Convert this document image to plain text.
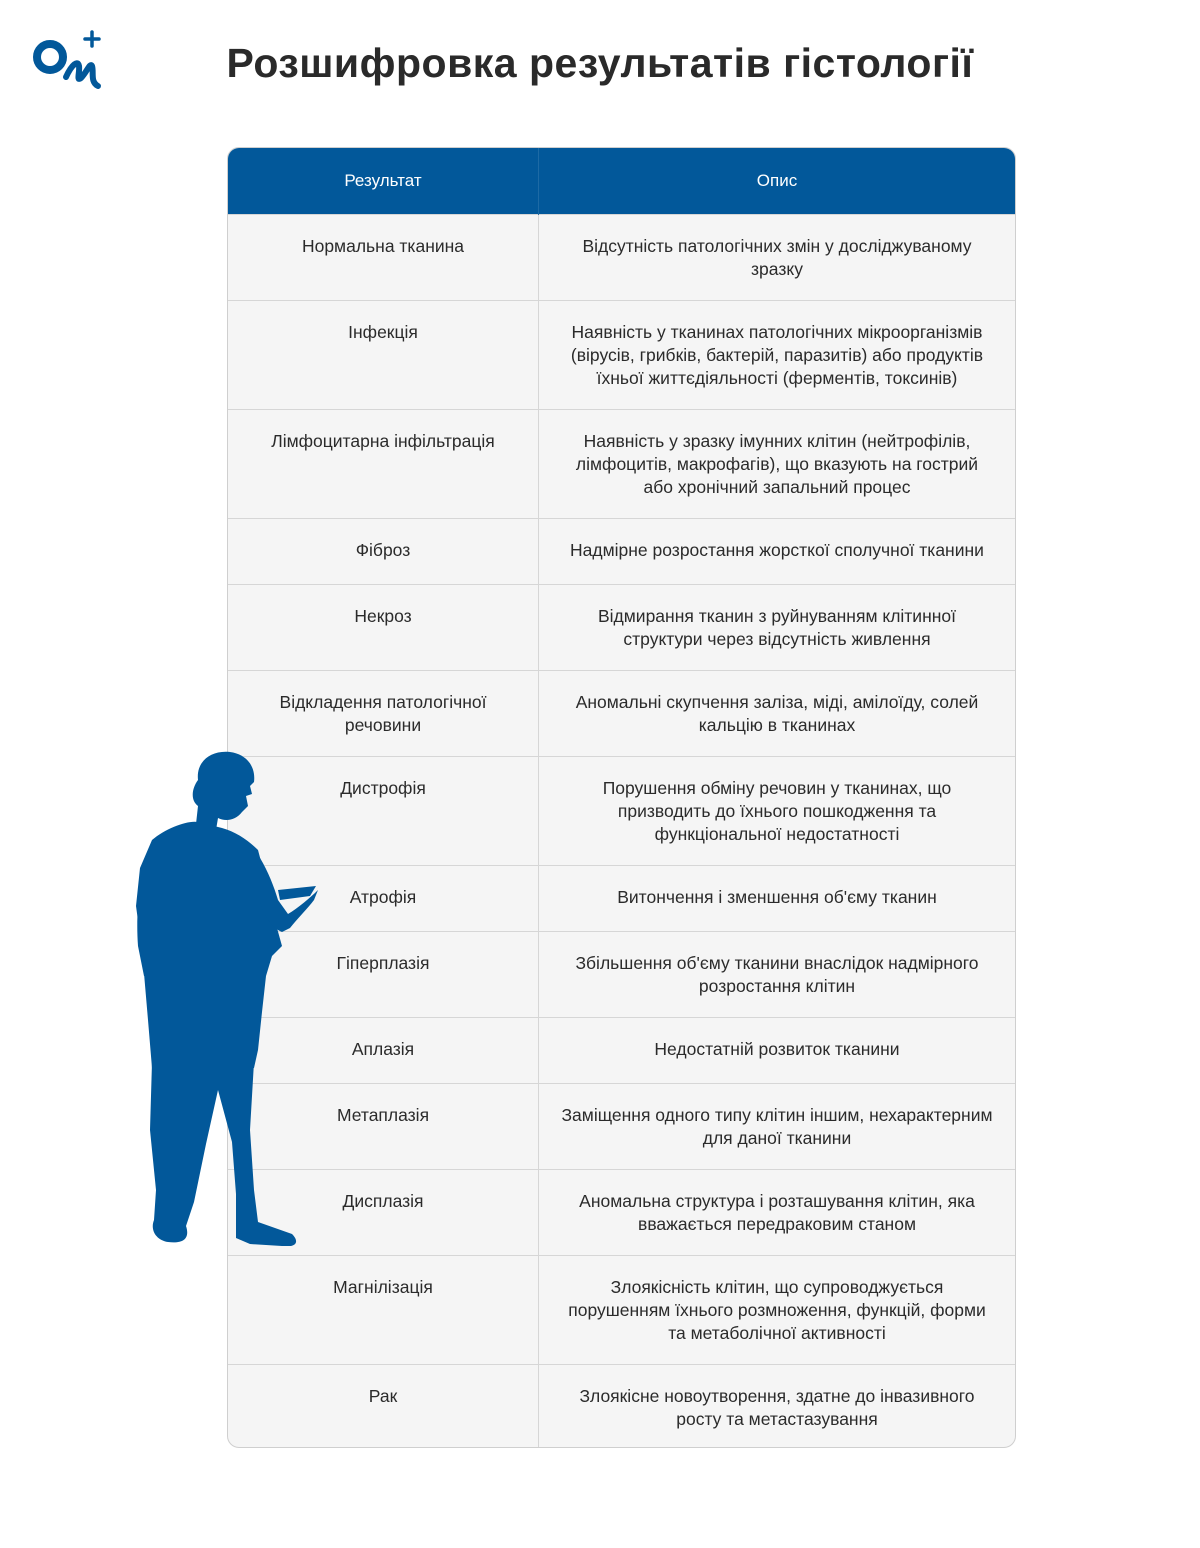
Розшифровка результатів гістології
Результат	Опис
Нормальна тканина	Відсутність патологічних змін у досліджуваному зразку
Інфекція	Наявність у тканинах патологічних мікроорганізмів (вірусів, грибків, бактерій, паразитів) або продуктів їхньої життєдіяльності (ферментів, токсинів)
Лімфоцитарна інфільтрація	Наявність у зразку імунних клітин (нейтрофілів, лімфоцитів, макрофагів), що вказують на гострий або хронічний запальний процес
Фіброз	Надмірне розростання жорсткої сполучної тканини
Некроз	Відмирання тканин з руйнуванням клітинної структури через відсутність живлення
Відкладення патологічної речовини	Аномальні скупчення заліза, міді, амілоїду, солей кальцію в тканинах
Дистрофія	Порушення обміну речовин у тканинах, що призводить до їхнього пошкодження та функціональної недостатності
Атрофія	Витончення і зменшення об'єму тканин
Гіперплазія	Збільшення об'єму тканини внаслідок надмірного розростання клітин
Аплазія	Недостатній розвиток тканини
Метаплазія	Заміщення одного типу клітин іншим, нехарактерним для даної тканини
Дисплазія	Аномальна структура і розташування клітин, яка вважається передраковим станом
Магнілізація	Злоякісність клітин, що супроводжується порушенням їхнього розмноження, функцій, форми та метаболічної активності
Рак	Злоякісне новоутворення, здатне до інвазивного росту та метастазування
